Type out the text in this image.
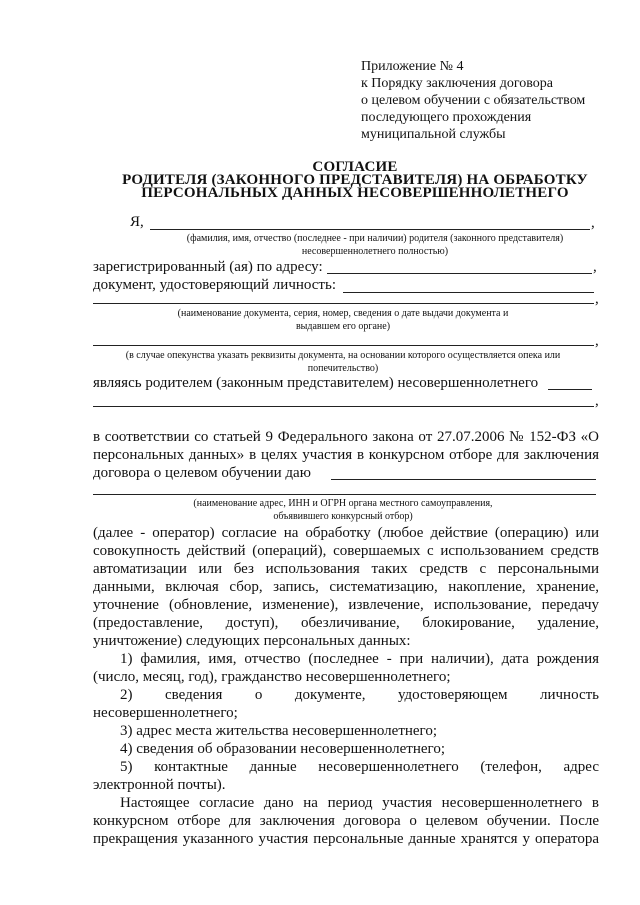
Приложение № 4
к Порядку заключения договора
о целевом обучении с обязательством
последующего прохождения
муниципальной службы
СОГЛАСИЕ
РОДИТЕЛЯ (ЗАКОННОГО ПРЕДСТАВИТЕЛЯ) НА ОБРАБОТКУ
ПЕРСОНАЛЬНЫХ ДАННЫХ НЕСОВЕРШЕННОЛЕТНЕГО
Я,	,
(фамилия, имя, отчество (последнее - при наличии) родителя (законного представителя)
несовершеннолетнего полностью)
зарегистрированный (ая) по адресу:	,
документ, удостоверяющий личность:
,
(наименование документа, серия, номер, сведения о дате выдачи документа и
выдавшем его органе)
,
(в случае опекунства указать реквизиты документа, на основании которого осуществляется опека или
попечительство)
являясь родителем (законным представителем) несовершеннолетнего
,
в соответствии со статьей 9 Федерального закона от 27.07.2006 № 152-ФЗ «О
персональных данных» в целях участия в конкурсном отборе для заключения
договора о целевом обучении даю
(наименование адрес, ИНН и ОГРН органа местного самоуправления,
объявившего конкурсный отбор)
(далее - оператор) согласие на обработку (любое действие (операцию) или
совокупность действий (операций), совершаемых с использованием средств
автоматизации или без использования таких средств с персональными
данными, включая сбор, запись, систематизацию, накопление, хранение,
уточнение (обновление, изменение), извлечение, использование, передачу
(предоставление, доступ), обезличивание, блокирование, удаление,
уничтожение) следующих персональных данных:
1) фамилия, имя, отчество (последнее - при наличии), дата рождения
(число, месяц, год), гражданство несовершеннолетнего;
2) сведения о документе, удостоверяющем личность
несовершеннолетнего;
3) адрес места жительства несовершеннолетнего;
4) сведения об образовании несовершеннолетнего;
5) контактные данные несовершеннолетнего (телефон, адрес
электронной почты).
Настоящее согласие дано на период участия несовершеннолетнего в
конкурсном отборе для заключения договора о целевом обучении. После
прекращения указанного участия персональные данные хранятся у оператора
